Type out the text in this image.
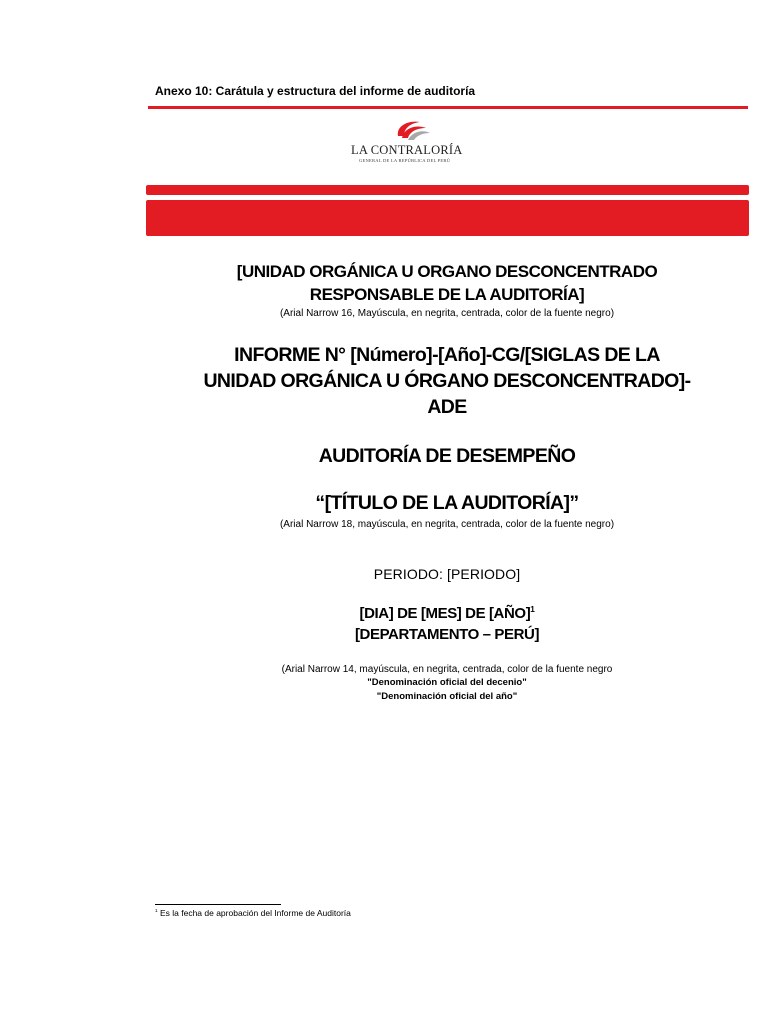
Anexo 10: Carátula y estructura del informe de auditoría
LA CONTRALORÍA
GENERAL DE LA REPÚBLICA DEL PERÚ
[UNIDAD ORGÁNICA U ORGANO DESCONCENTRADO
RESPONSABLE DE LA AUDITORÍA]
(Arial Narrow 16, Mayúscula, en negrita, centrada, color de la fuente negro)
INFORME N° [Número]-[Año]-CG/[SIGLAS DE LA
UNIDAD ORGÁNICA U ÓRGANO DESCONCENTRADO]-
ADE
AUDITORÍA DE DESEMPEÑO
“[TÍTULO DE LA AUDITORÍA]”
(Arial Narrow 18, mayúscula, en negrita, centrada, color de la fuente negro)
PERIODO: [PERIODO]
[DIA] DE [MES] DE [AÑO]$^1$
[DEPARTAMENTO – PERÚ]
(Arial Narrow 14, mayúscula, en negrita, centrada, color de la fuente negro
"Denominación oficial del decenio"
"Denominación oficial del año"
$^1$ Es la fecha de aprobación del Informe de Auditoría
